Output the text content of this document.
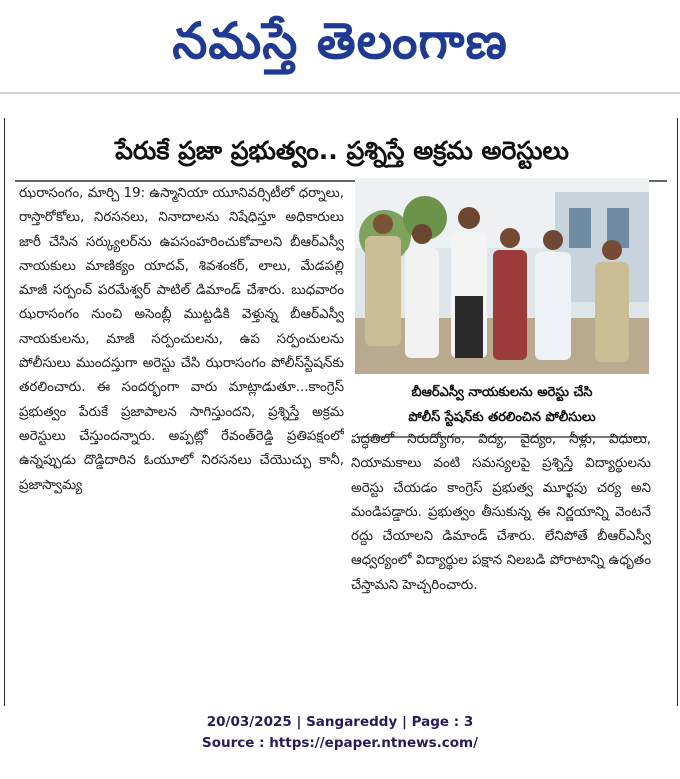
నమస్తే తెలంగాణ
పేరుకే ప్రజా ప్రభుత్వం.. ప్రశ్నిస్తే అక్రమ అరెస్టులు

ఝరాసంగం, మార్చి 19: ఉస్మానియా యూనివర్సిటీలో ధర్నాలు, రాస్తారోకోలు, నిరసనలు, నినాదాలను నిషేధిస్తూ అధికారులు జారీ చేసిన సర్క్యులర్‌ను ఉపసంహరించుకోవాలని బీఆర్‌ఎస్వీ నాయకులు మాణిక్యం యాదవ్, శివశంకర్, లాలు, మేడపల్లి మాజీ సర్పంచ్ పరమేశ్వర్ పాటిల్ డిమాండ్ చేశారు. బుధవారం ఝరాసంగం నుంచి అసెంబ్లీ ముట్టడికి వెళ్తున్న బీఆర్‌ఎస్వీ నాయకులను, మాజీ సర్పంచులను, ఉప సర్పంచులను పోలీసులు ముందస్తుగా అరెస్టు చేసి ఝరాసంగం పోలీస్‌స్టేషన్‌కు తరలించారు. ఈ సందర్భంగా వారు మాట్లాడుతూ...కాంగ్రెస్ ప్రభుత్వం పేరుకే ప్రజాపాలన సాగిస్తుందని, ప్రశ్నిస్తే అక్రమ అరెస్టులు చేస్తుందన్నారు. అప్పట్లో రేవంత్‌రెడ్డి ప్రతిపక్షంలో ఉన్నప్పుడు దొడ్డిదారిన ఓయూలో నిరసనలు చేయొచ్చు కానీ, ప్రజాస్వామ్య

బీఆర్‌ఎస్వీ నాయకులను అరెస్టు చేసి
పోలీస్ స్టేషన్‌కు తరలించిన పోలీసులు

పద్ధతిలో నిరుద్యోగం, విద్య, వైద్యం, నీళ్లు, విధులు, నియామకాలు వంటి సమస్యలపై ప్రశ్నిస్తే విద్యార్థులను అరెస్టు చేయడం కాంగ్రెస్ ప్రభుత్వ మూర్ఖపు చర్య అని మండిపడ్డారు. ప్రభుత్వం తీసుకున్న ఈ నిర్ణయాన్ని వెంటనే రద్దు చేయాలని డిమాండ్ చేశారు. లేనిపోతే బీఆర్‌ఎస్వీ ఆధ్వర్యంలో విద్యార్థుల పక్షాన నిలబడి పోరాటాన్ని ఉధృతం చేస్తామని హెచ్చరించారు.

20/03/2025 | Sangareddy | Page : 3
Source : https://epaper.ntnews.com/
